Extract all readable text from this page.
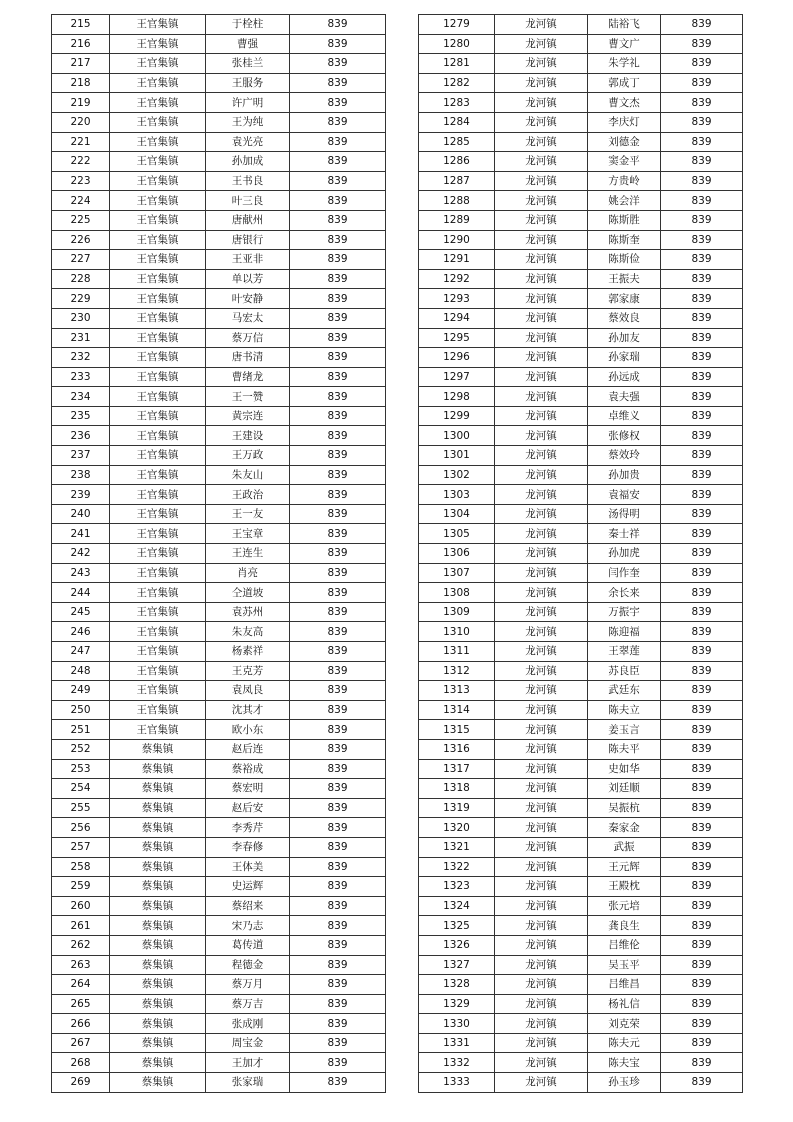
215	王官集镇	于栓柱	839
216	王官集镇	曹强	839
217	王官集镇	张桂兰	839
218	王官集镇	王服务	839
219	王官集镇	许广明	839
220	王官集镇	王为纯	839
221	王官集镇	袁光亮	839
222	王官集镇	孙加成	839
223	王官集镇	王书良	839
224	王官集镇	叶三良	839
225	王官集镇	唐献州	839
226	王官集镇	唐银行	839
227	王官集镇	王亚非	839
228	王官集镇	单以芳	839
229	王官集镇	叶安静	839
230	王官集镇	马宏太	839
231	王官集镇	蔡万信	839
232	王官集镇	唐书清	839
233	王官集镇	曹绪龙	839
234	王官集镇	王一赞	839
235	王官集镇	黄宗连	839
236	王官集镇	王建设	839
237	王官集镇	王万政	839
238	王官集镇	朱友山	839
239	王官集镇	王政治	839
240	王官集镇	王一友	839
241	王官集镇	王宝章	839
242	王官集镇	王连生	839
243	王官集镇	肖亮	839
244	王官集镇	仝道坡	839
245	王官集镇	袁苏州	839
246	王官集镇	朱友高	839
247	王官集镇	杨素祥	839
248	王官集镇	王克芳	839
249	王官集镇	袁凤良	839
250	王官集镇	沈其才	839
251	王官集镇	欧小东	839
252	蔡集镇	赵后连	839
253	蔡集镇	蔡裕成	839
254	蔡集镇	蔡宏明	839
255	蔡集镇	赵后安	839
256	蔡集镇	李秀芹	839
257	蔡集镇	李春修	839
258	蔡集镇	王体美	839
259	蔡集镇	史运辉	839
260	蔡集镇	蔡绍来	839
261	蔡集镇	宋乃志	839
262	蔡集镇	葛传道	839
263	蔡集镇	程德金	839
264	蔡集镇	蔡万月	839
265	蔡集镇	蔡万吉	839
266	蔡集镇	张成刚	839
267	蔡集镇	周宝金	839
268	蔡集镇	王加才	839
269	蔡集镇	张家瑞	839
1279	龙河镇	陆裕飞	839
1280	龙河镇	曹文广	839
1281	龙河镇	朱学礼	839
1282	龙河镇	郭成丁	839
1283	龙河镇	曹文杰	839
1284	龙河镇	李庆灯	839
1285	龙河镇	刘德金	839
1286	龙河镇	窦金平	839
1287	龙河镇	方贵岭	839
1288	龙河镇	姚会洋	839
1289	龙河镇	陈斯胜	839
1290	龙河镇	陈斯奎	839
1291	龙河镇	陈斯俭	839
1292	龙河镇	王振夫	839
1293	龙河镇	郭家康	839
1294	龙河镇	蔡效良	839
1295	龙河镇	孙加友	839
1296	龙河镇	孙家瑞	839
1297	龙河镇	孙远成	839
1298	龙河镇	袁夫强	839
1299	龙河镇	卓维义	839
1300	龙河镇	张修权	839
1301	龙河镇	蔡效玲	839
1302	龙河镇	孙加贵	839
1303	龙河镇	袁福安	839
1304	龙河镇	汤得明	839
1305	龙河镇	秦士祥	839
1306	龙河镇	孙加虎	839
1307	龙河镇	闫作奎	839
1308	龙河镇	余长来	839
1309	龙河镇	万振宇	839
1310	龙河镇	陈迎福	839
1311	龙河镇	王翠莲	839
1312	龙河镇	苏良臣	839
1313	龙河镇	武廷东	839
1314	龙河镇	陈夫立	839
1315	龙河镇	姜玉言	839
1316	龙河镇	陈夫平	839
1317	龙河镇	史如华	839
1318	龙河镇	刘廷顺	839
1319	龙河镇	吴振杭	839
1320	龙河镇	秦家金	839
1321	龙河镇	武振	839
1322	龙河镇	王元辉	839
1323	龙河镇	王殿枕	839
1324	龙河镇	张元培	839
1325	龙河镇	龚良生	839
1326	龙河镇	吕维伦	839
1327	龙河镇	吴玉平	839
1328	龙河镇	吕维昌	839
1329	龙河镇	杨礼信	839
1330	龙河镇	刘克荣	839
1331	龙河镇	陈夫元	839
1332	龙河镇	陈夫宝	839
1333	龙河镇	孙玉珍	839
